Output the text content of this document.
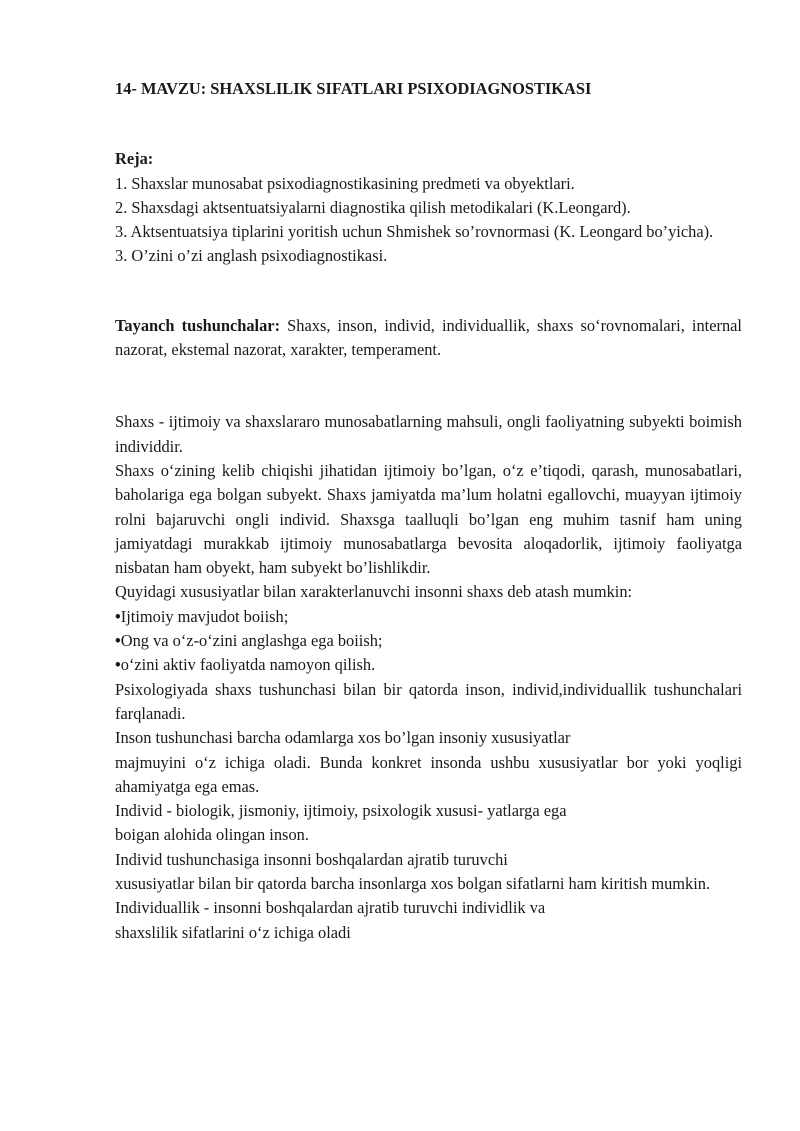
14- MAVZU: SHAXSLILIK SIFATLARI PSIXODIAGNOSTIKASI

Reja:

1. Shaxslar munosabat psixodiagnostikasining predmeti va obyektlari.

2. Shaxsdagi aktsentuatsiyalarni diagnostika qilish metodikalari (K.Leongard).

3. Aktsentuatsiya tiplarini yoritish uchun Shmishek so’rovnormasi (K. Leongard bo’yicha).

3. O’zini o’zi anglash psixodiagnostikasi.

Tayanch tushunchalar: Shaxs, inson, individ, individuallik, shaxs so‘rovnomalari, internal nazorat, ekstemal nazorat, xarakter, temperament.

Shaxs - ijtimoiy va shaxslararo munosabatlarning mahsuli, ongli faoliyatning subyekti boimish individdir.

Shaxs o‘zining kelib chiqishi jihatidan ijtimoiy bo’lgan, o‘z e’tiqodi, qarash, munosabatlari, baholariga ega bolgan subyekt. Shaxs jamiyatda ma’lum holatni egallovchi, muayyan ijtimoiy rolni bajaruvchi ongli individ. Shaxsga taalluqli bo’lgan eng muhim tasnif ham uning jamiyatdagi murakkab ijtimoiy munosabatlarga bevosita aloqadorlik, ijtimoiy faoliyatga nisbatan ham obyekt, ham subyekt bo’lishlikdir.

Quyidagi xususiyatlar bilan xarakterlanuvchi insonni shaxs deb atash mumkin:

•Ijtimoiy mavjudot boiish;

•Ong va o‘z-o‘zini anglashga ega boiish;

•o‘zini aktiv faoliyatda namoyon qilish.

Psixologiyada shaxs tushunchasi bilan bir qatorda inson, individ,individuallik tushunchalari farqlanadi.

Inson tushunchasi barcha odamlarga xos bo’lgan insoniy xususiyatlar

majmuyini o‘z ichiga oladi. Bunda konkret insonda ushbu xususiyatlar bor yoki yoqligi ahamiyatga ega emas.

Individ - biologik, jismoniy, ijtimoiy, psixologik xususi- yatlarga ega

boigan alohida olingan inson.

Individ tushunchasiga insonni boshqalardan ajratib turuvchi

xususiyatlar bilan bir qatorda barcha insonlarga xos bolgan sifatlarni ham kiritish mumkin.

Individuallik - insonni boshqalardan ajratib turuvchi individlik va

shaxslilik sifatlarini o‘z ichiga oladi
